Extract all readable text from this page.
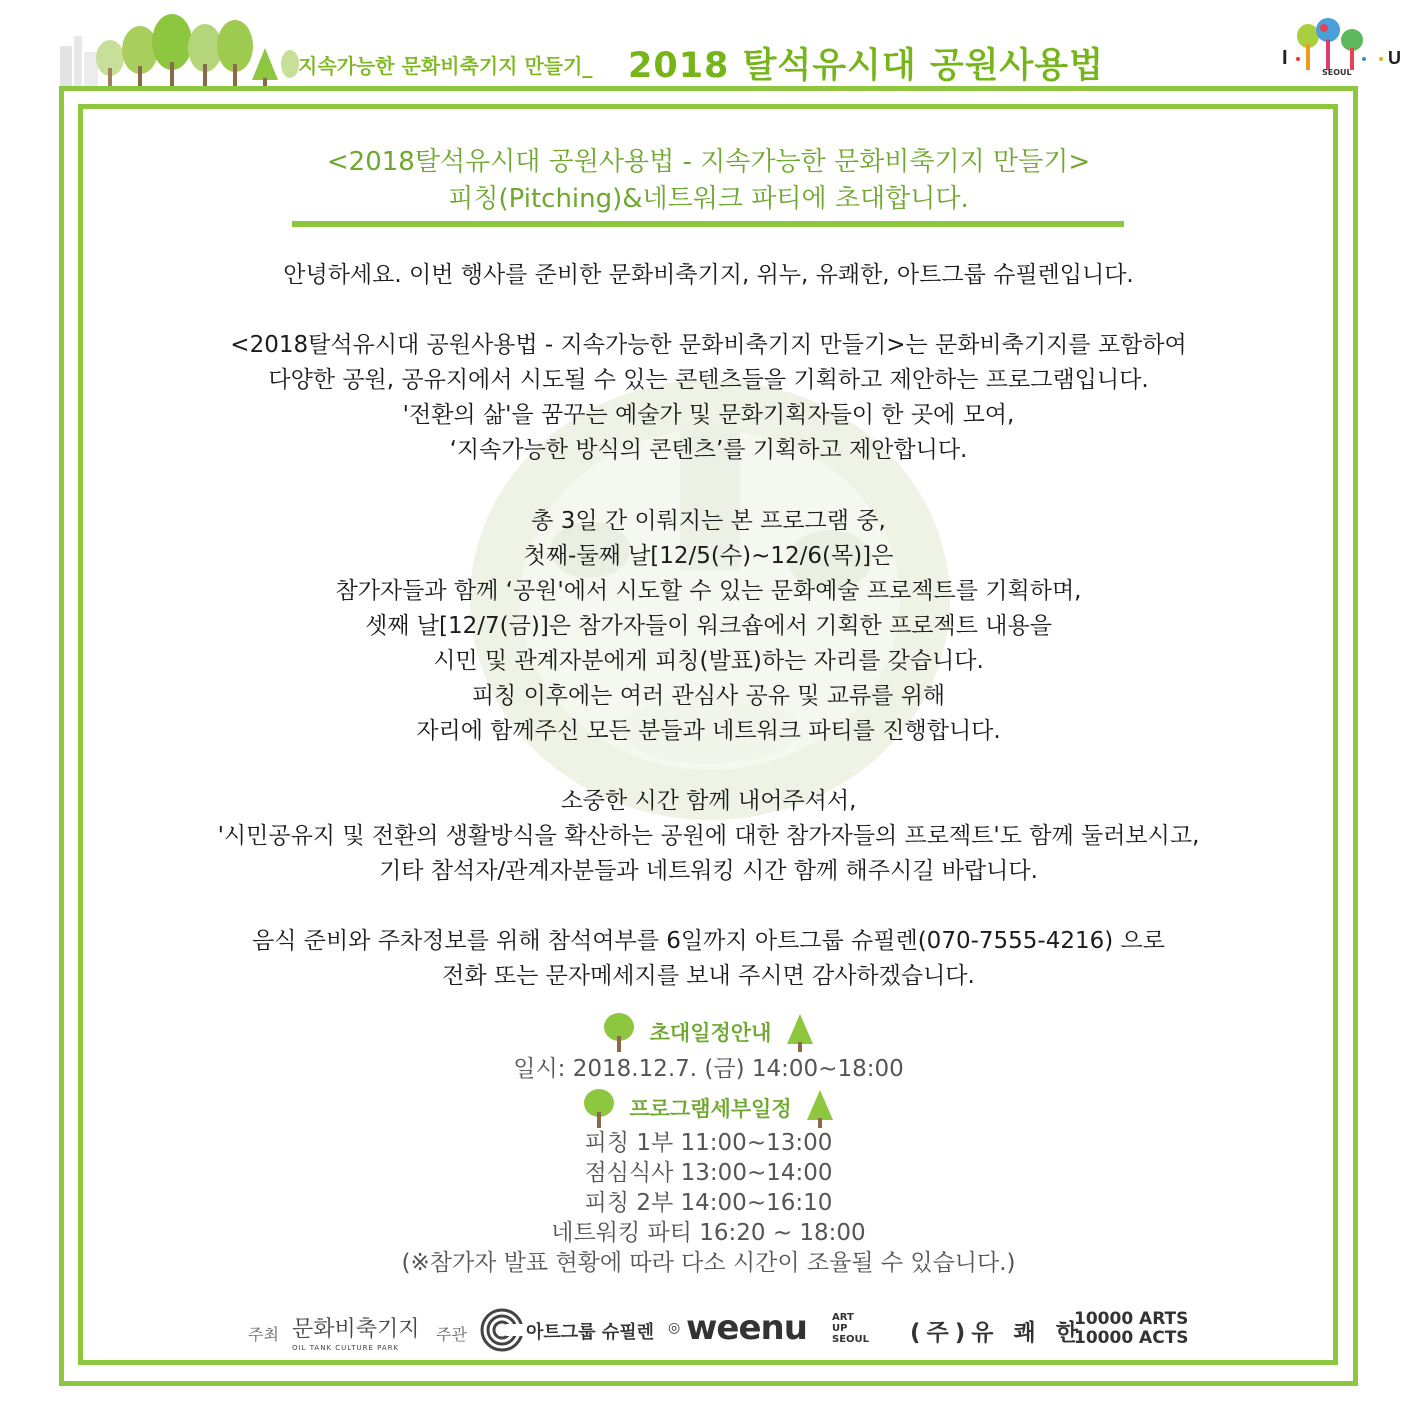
지속가능한 문화비축기지 만들기_ 2018 탈석유시대 공원사용법	I	U
SEOUL
<2018탈석유시대 공원사용법 - 지속가능한 문화비축기지 만들기>
피칭(Pitching)&네트워크 파티에 초대합니다.
안녕하세요. 이번 행사를 준비한 문화비축기지, 위누, 유쾌한, 아트그룹 슈필렌입니다.
<2018탈석유시대 공원사용법 - 지속가능한 문화비축기지 만들기>는 문화비축기지를 포함하여
다양한 공원, 공유지에서 시도될 수 있는 콘텐츠들을 기획하고 제안하는 프로그램입니다.
'전환의 삶'을 꿈꾸는 예술가 및 문화기획자들이 한 곳에 모여,
‘지속가능한 방식의 콘텐츠’를 기획하고 제안합니다.
총 3일 간 이뤄지는 본 프로그램 중,
첫째-둘째 날[12/5(수)~12/6(목)]은
참가자들과 함께 ‘공원'에서 시도할 수 있는 문화예술 프로젝트를 기획하며,
셋째 날[12/7(금)]은 참가자들이 워크숍에서 기획한 프로젝트 내용을
시민 및 관계자분에게 피칭(발표)하는 자리를 갖습니다.
피칭 이후에는 여러 관심사 공유 및 교류를 위해
자리에 함께주신 모든 분들과 네트워크 파티를 진행합니다.
소중한 시간 함께 내어주셔서,
'시민공유지 및 전환의 생활방식을 확산하는 공원에 대한 참가자들의 프로젝트'도 함께 둘러보시고,
기타 참석자/관계자분들과 네트워킹 시간 함께 해주시길 바랍니다.
음식 준비와 주차정보를 위해 참석여부를 6일까지 아트그룹 슈필렌(070-7555-4216) 으로
전화 또는 문자메세지를 보내 주시면 감사하겠습니다.
초대일정안내
일시: 2018.12.7. (금) 14:00~18:00
프로그램세부일정
피칭 1부 11:00~13:00
점심식사 13:00~14:00
피칭 2부 14:00~16:10
네트워킹 파티 16:20 ~ 18:00
(※참가자 발표 현황에 따라 다소 시간이 조율될 수 있습니다.)
주최 문화비축기지
OIL TANK CULTURE PARK
주관	아트그룹 슈필렌 ◎ weenu	ART
UP
SEOUL (주)유 쾌 한
10000 ARTS
10000 ACTS
